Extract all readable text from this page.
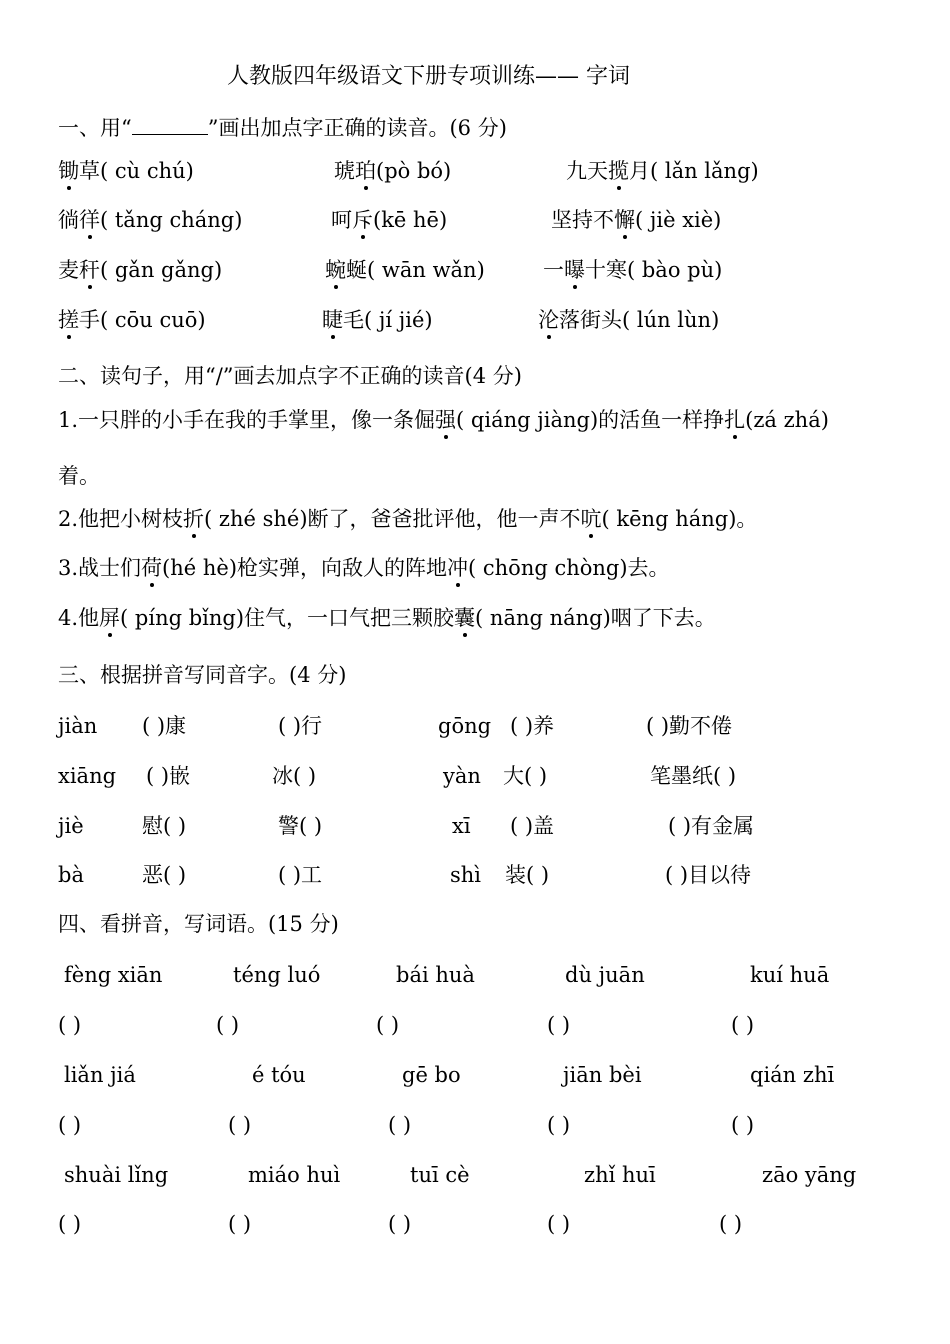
人教版四年级语文下册专项训练—— 字词
一、用“	”画出加点字正确的读音。(6 分)
锄草( cù chú)	琥珀(pò bó)	九天揽月( lǎn lǎng)
徜徉( tǎng cháng)	呵斥(kē hē)	坚持不懈( jiè xiè)
麦秆( gǎn gǎng)	蜿蜒( wān wǎn)	一曝十寒( bào pù)
搓手( cōu cuō)	睫毛( jí jié)	沦落街头( lún lùn)
二、读句子，用“/”画去加点字不正确的读音(4 分)
1.一只胖的小手在我的手掌里，像一条倔强( qiáng jiàng)的活鱼一样挣扎(zá zhá)
着。
2.他把小树枝折( zhé shé)断了，爸爸批评他，他一声不吭( kēng háng)。
3.战士们荷(hé hè)枪实弹，向敌人的阵地冲( chōng chòng)去。
4.他屏( píng bǐng)住气，一口气把三颗胶囊( nāng náng)咽了下去。
三、根据拼音写同音字。(4 分)
jiàn ( )康	( )行	gōng ( )养	( )勤不倦
xiāng ( )嵌	冰( )	yàn 大( )	笔墨纸( )
jiè	慰( )	警( )	xī ( )盖	( )有金属
bà	恶( )	( )工	shì 装( )	( )目以待
四、看拼音，写词语。(15 分)
fèng xiān	téng luó	bái huà	dù juān	kuí huā
( )	( )	( )	( )	( )
liǎn jiá	é tóu	gē bo	jiān bèi	qián zhī
( )	( )	( )	( )	( )
shuài lǐng	miáo huì	tuī cè	zhǐ huī	zāo yāng
( )	( )	( )	( )	( )
